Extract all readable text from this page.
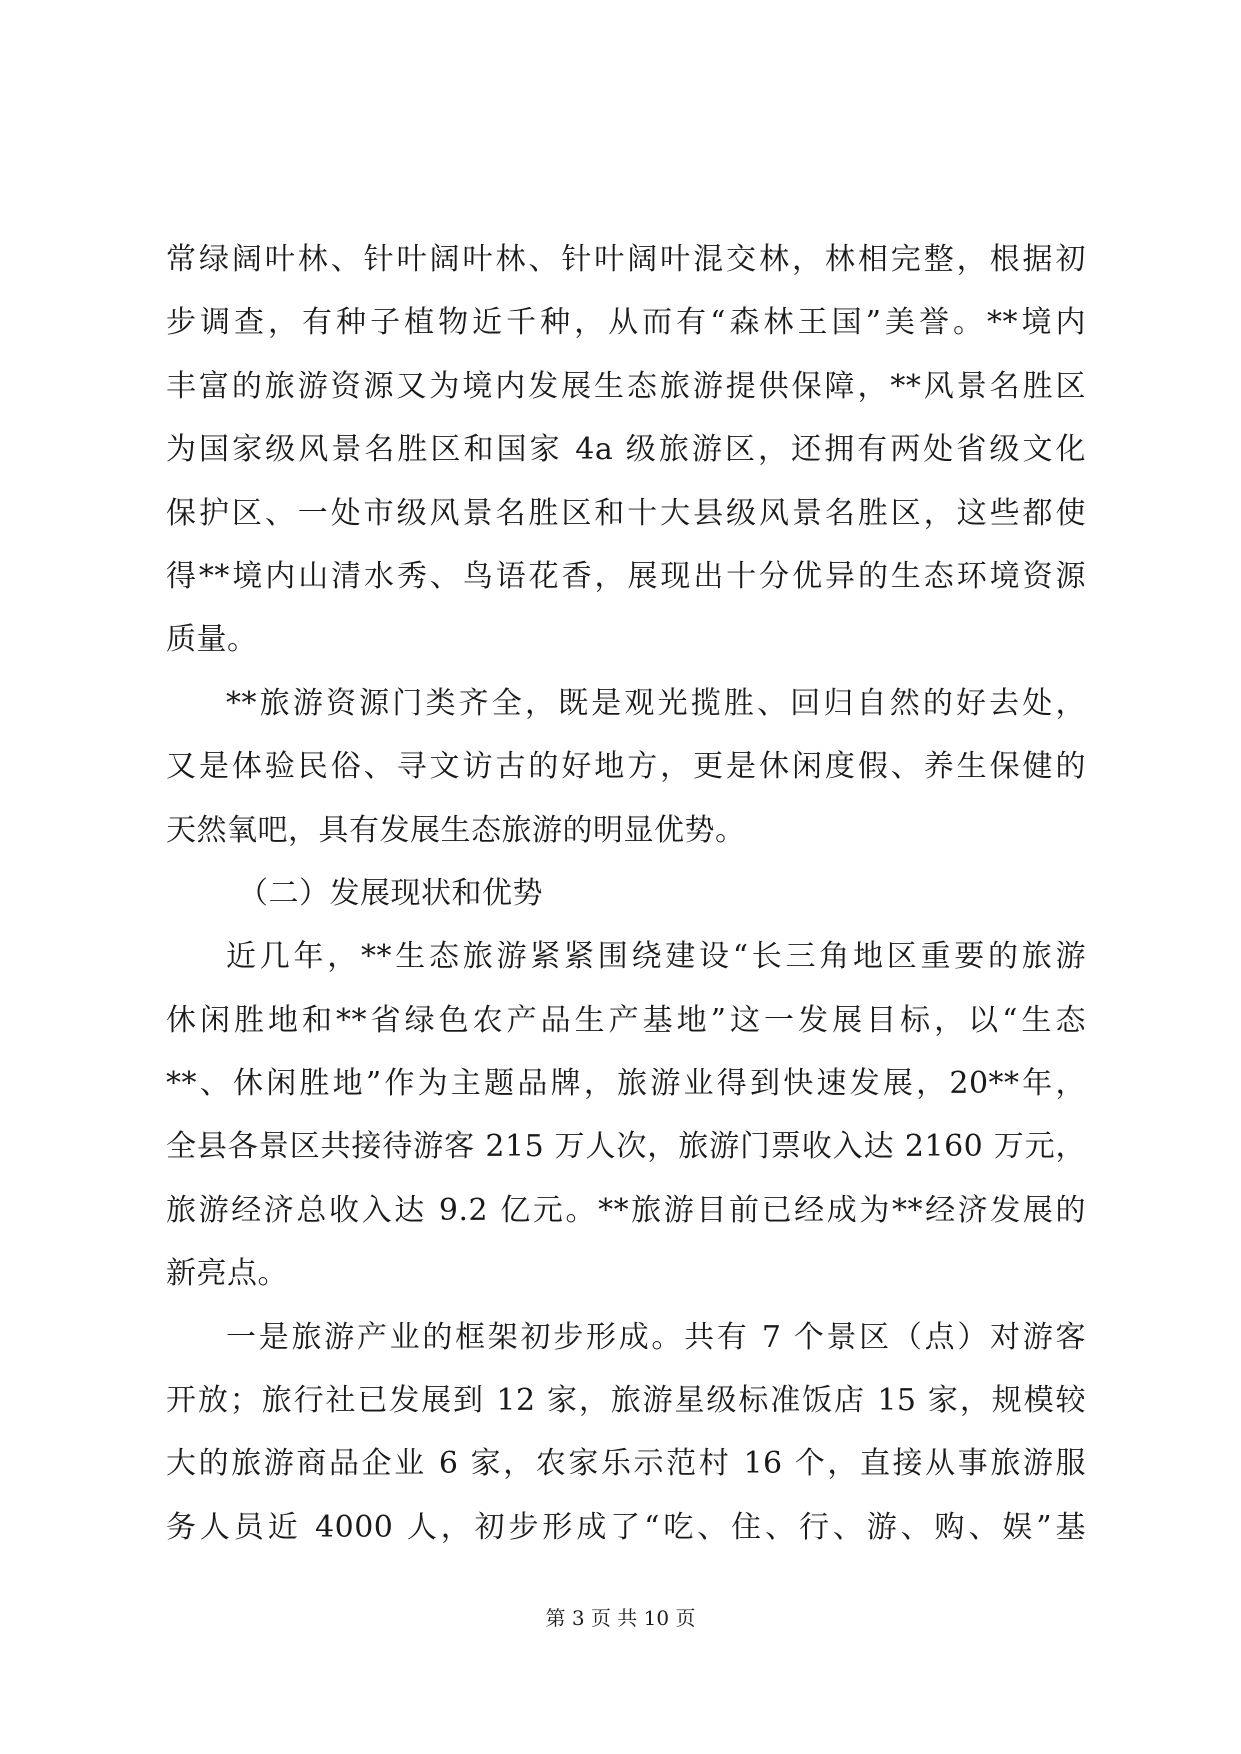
常绿阔叶林、针叶阔叶林、针叶阔叶混交林，林相完整，根据初
步调查，有种子植物近千种，从而有“森林王国”美誉。**境内
丰富的旅游资源又为境内发展生态旅游提供保障，**风景名胜区
为国家级风景名胜区和国家 4a 级旅游区，还拥有两处省级文化
保护区、一处市级风景名胜区和十大县级风景名胜区，这些都使
得**境内山清水秀、鸟语花香，展现出十分优异的生态环境资源
质量。
**旅游资源门类齐全，既是观光揽胜、回归自然的好去处，
又是体验民俗、寻文访古的好地方，更是休闲度假、养生保健的
天然氧吧，具有发展生态旅游的明显优势。
（二）发展现状和优势
近几年，**生态旅游紧紧围绕建设“长三角地区重要的旅游
休闲胜地和**省绿色农产品生产基地”这一发展目标，以“生态
**、休闲胜地”作为主题品牌，旅游业得到快速发展，20**年，
全县各景区共接待游客 215 万人次，旅游门票收入达 2160 万元，
旅游经济总收入达 9.2 亿元。**旅游目前已经成为**经济发展的
新亮点。
一是旅游产业的框架初步形成。共有 7 个景区（点）对游客
开放；旅行社已发展到 12 家，旅游星级标准饭店 15 家，规模较
大的旅游商品企业 6 家，农家乐示范村 16 个，直接从事旅游服
务人员近 4000 人，初步形成了“吃、住、行、游、购、娱”基
第 3 页 共 10 页
